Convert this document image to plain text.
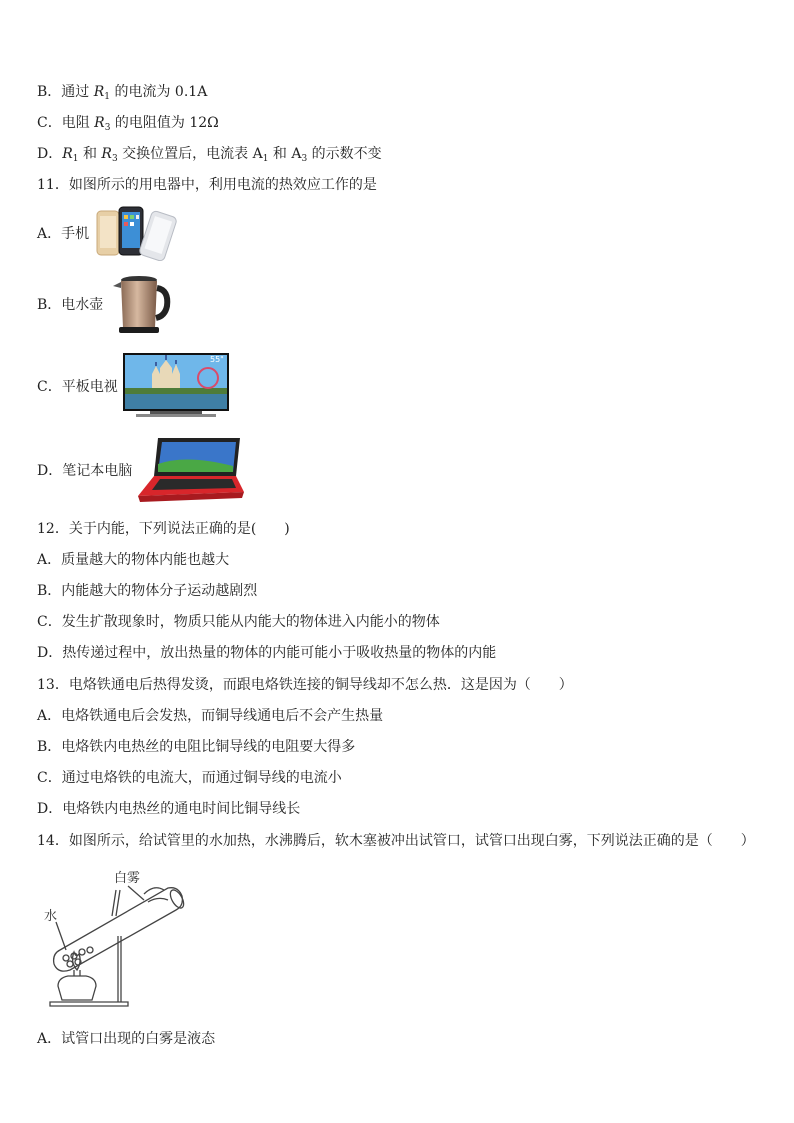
B．通过 $R_1$ 的电流为 0.1A
C．电阻 $R_3$ 的电阻值为 12Ω
D．$R_1$ 和 $R_3$ 交换位置后，电流表 $A_1$ 和 $A_3$ 的示数不变
11．如图所示的用电器中，利用电流的热效应工作的是
A．手机
B．电水壶
C．平板电视
55"
D．笔记本电脑
12．关于内能，下列说法正确的是(　　)
A．质量越大的物体内能也越大
B．内能越大的物体分子运动越剧烈
C．发生扩散现象时，物质只能从内能大的物体进入内能小的物体
D．热传递过程中，放出热量的物体的内能可能小于吸收热量的物体的内能
13．电烙铁通电后热得发烫，而跟电烙铁连接的铜导线却不怎么热．这是因为（　　）
A．电烙铁通电后会发热，而铜导线通电后不会产生热量
B．电烙铁内电热丝的电阻比铜导线的电阻要大得多
C．通过电烙铁的电流大，而通过铜导线的电流小
D．电烙铁内电热丝的通电时间比铜导线长
14．如图所示，给试管里的水加热，水沸腾后，软木塞被冲出试管口，试管口出现白雾，下列说法正确的是（　　）
白雾
水
A．试管口出现的白雾是液态
